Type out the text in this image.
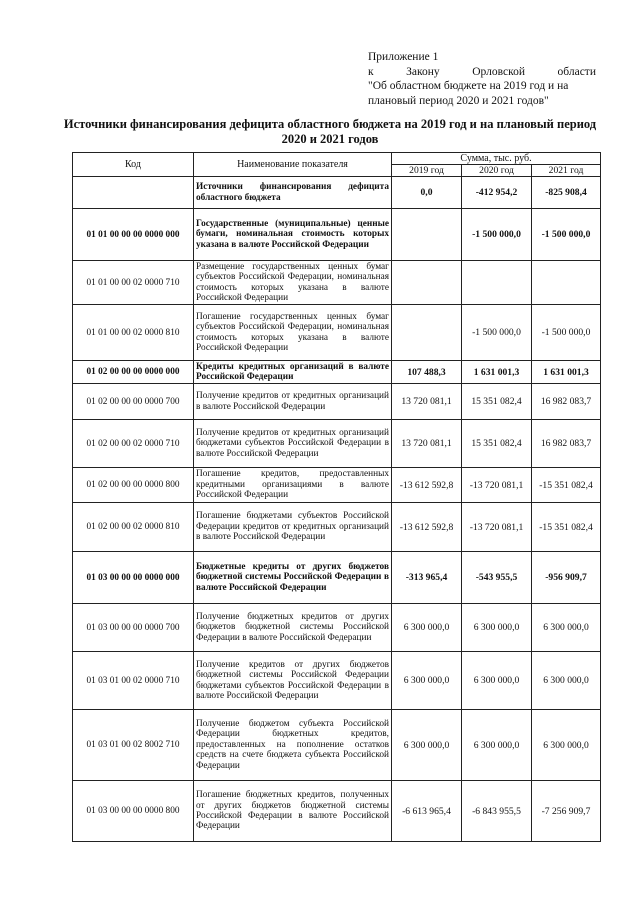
Приложение 1
к	Закону	Орловской	области
"Об областном бюджете на 2019 год и на плановый период 2020 и 2021 годов"
Источники финансирования дефицита областного бюджета на 2019 год и на плановый период 2020 и 2021 годов
Код	Наименование показателя	Сумма, тыс. руб.		
		2019 год	2020 год	2021 год
	Источники финансирования дефицита областного бюджета	0,0	-412 954,2	-825 908,4
01 01 00 00 00 0000 000	Государственные (муниципальные) ценные бумаги, номинальная стоимость которых указана в валюте Российской Федерации		-1 500 000,0	-1 500 000,0
01 01 00 00 02 0000 710	Размещение государственных ценных бумаг субъектов Российской Федерации, номинальная стоимость которых указана в валюте Российской Федерации			
01 01 00 00 02 0000 810	Погашение государственных ценных бумаг субъектов Российской Федерации, номинальная стоимость которых указана в валюте Российской Федерации		-1 500 000,0	-1 500 000,0
01 02 00 00 00 0000 000	Кредиты кредитных организаций в валюте Российской Федерации	107 488,3	1 631 001,3	1 631 001,3
01 02 00 00 00 0000 700	Получение кредитов от кредитных организаций в валюте Российской Федерации	13 720 081,1	15 351 082,4	16 982 083,7
01 02 00 00 02 0000 710	Получение кредитов от кредитных организаций бюджетами субъектов Российской Федерации в валюте Российской Федерации	13 720 081,1	15 351 082,4	16 982 083,7
01 02 00 00 00 0000 800	Погашение кредитов, предоставленных кредитными организациями в валюте Российской Федерации	-13 612 592,8	-13 720 081,1	-15 351 082,4
01 02 00 00 02 0000 810	Погашение бюджетами субъектов Российской Федерации кредитов от кредитных организаций в валюте Российской Федерации	-13 612 592,8	-13 720 081,1	-15 351 082,4
01 03 00 00 00 0000 000	Бюджетные кредиты от других бюджетов бюджетной системы Российской Федерации в валюте Российской Федерации	-313 965,4	-543 955,5	-956 909,7
01 03 00 00 00 0000 700	Получение бюджетных кредитов от других бюджетов бюджетной системы Российской Федерации в валюте Российской Федерации	6 300 000,0	6 300 000,0	6 300 000,0
01 03 01 00 02 0000 710	Получение кредитов от других бюджетов бюджетной системы Российской Федерации бюджетами субъектов Российской Федерации в валюте Российской Федерации	6 300 000,0	6 300 000,0	6 300 000,0
01 03 01 00 02 8002 710	Получение бюджетом субъекта Российской Федерации бюджетных кредитов, предоставленных на пополнение остатков средств на счете бюджета субъекта Российской Федерации	6 300 000,0	6 300 000,0	6 300 000,0
01 03 00 00 00 0000 800	Погашение бюджетных кредитов, полученных от других бюджетов бюджетной системы Российской Федерации в валюте Российской Федерации	-6 613 965,4	-6 843 955,5	-7 256 909,7
